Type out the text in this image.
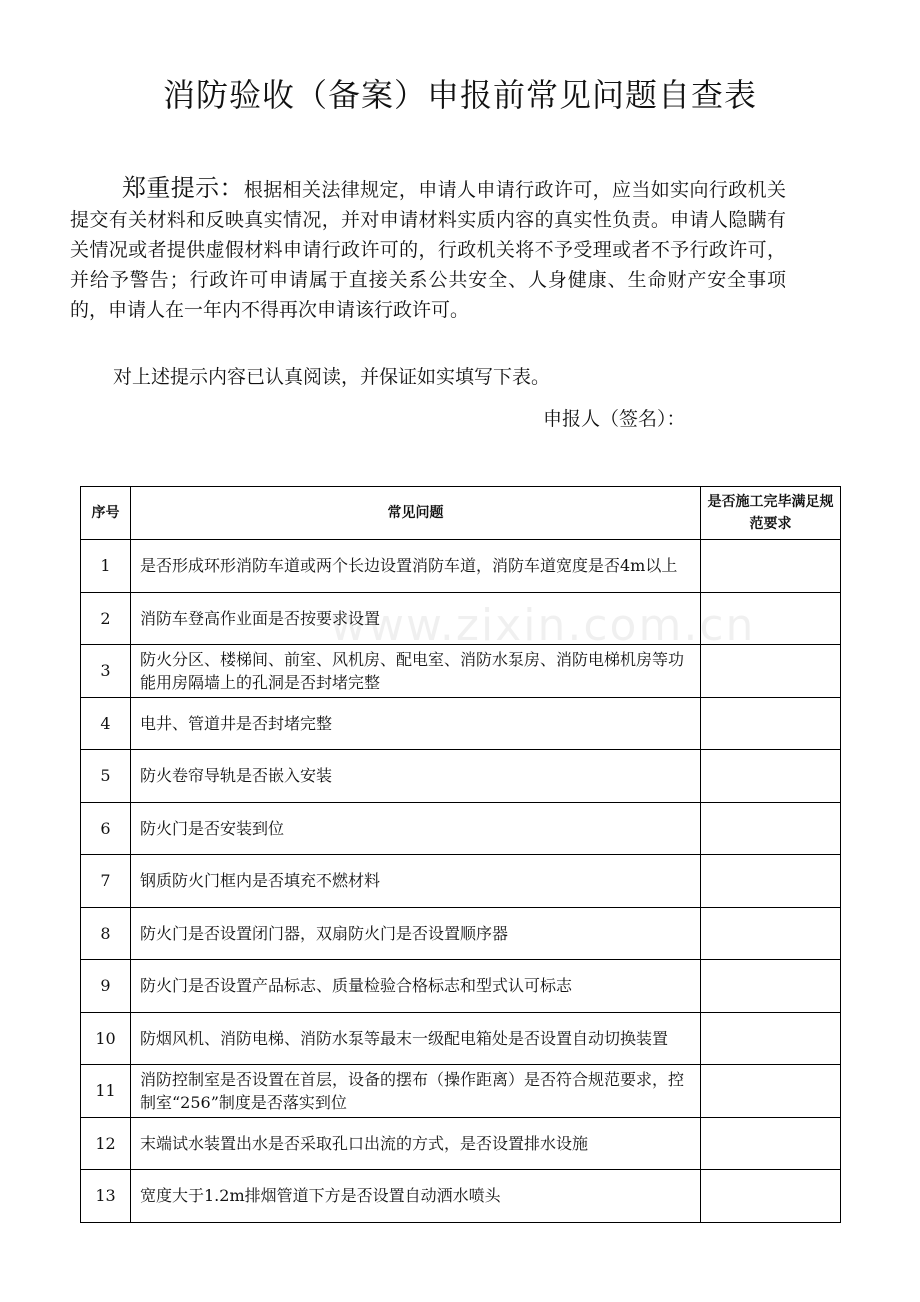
消防验收（备案）申报前常见问题自查表
郑重提示：根据相关法律规定，申请人申请行政许可，应当如实向行政机关提交有关材料和反映真实情况，并对申请材料实质内容的真实性负责。申请人隐瞒有关情况或者提供虚假材料申请行政许可的，行政机关将不予受理或者不予行政许可，并给予警告；行政许可申请属于直接关系公共安全、人身健康、生命财产安全事项的，申请人在一年内不得再次申请该行政许可。
对上述提示内容已认真阅读，并保证如实填写下表。
申报人（签名）：
www.zixin.com.cn
序号	常见问题	是否施工完毕满足规范要求
1	是否形成环形消防车道或两个长边设置消防车道，消防车道宽度是否4m以上	
2	消防车登高作业面是否按要求设置	
3	防火分区、楼梯间、前室、风机房、配电室、消防水泵房、消防电梯机房等功能用房隔墙上的孔洞是否封堵完整	
4	电井、管道井是否封堵完整	
5	防火卷帘导轨是否嵌入安装	
6	防火门是否安装到位	
7	钢质防火门框内是否填充不燃材料	
8	防火门是否设置闭门器，双扇防火门是否设置顺序器	
9	防火门是否设置产品标志、质量检验合格标志和型式认可标志	
10	防烟风机、消防电梯、消防水泵等最末一级配电箱处是否设置自动切换装置	
11	消防控制室是否设置在首层，设备的摆布（操作距离）是否符合规范要求，控制室“256”制度是否落实到位	
12	末端试水装置出水是否采取孔口出流的方式，是否设置排水设施	
13	宽度大于1.2m排烟管道下方是否设置自动洒水喷头	
